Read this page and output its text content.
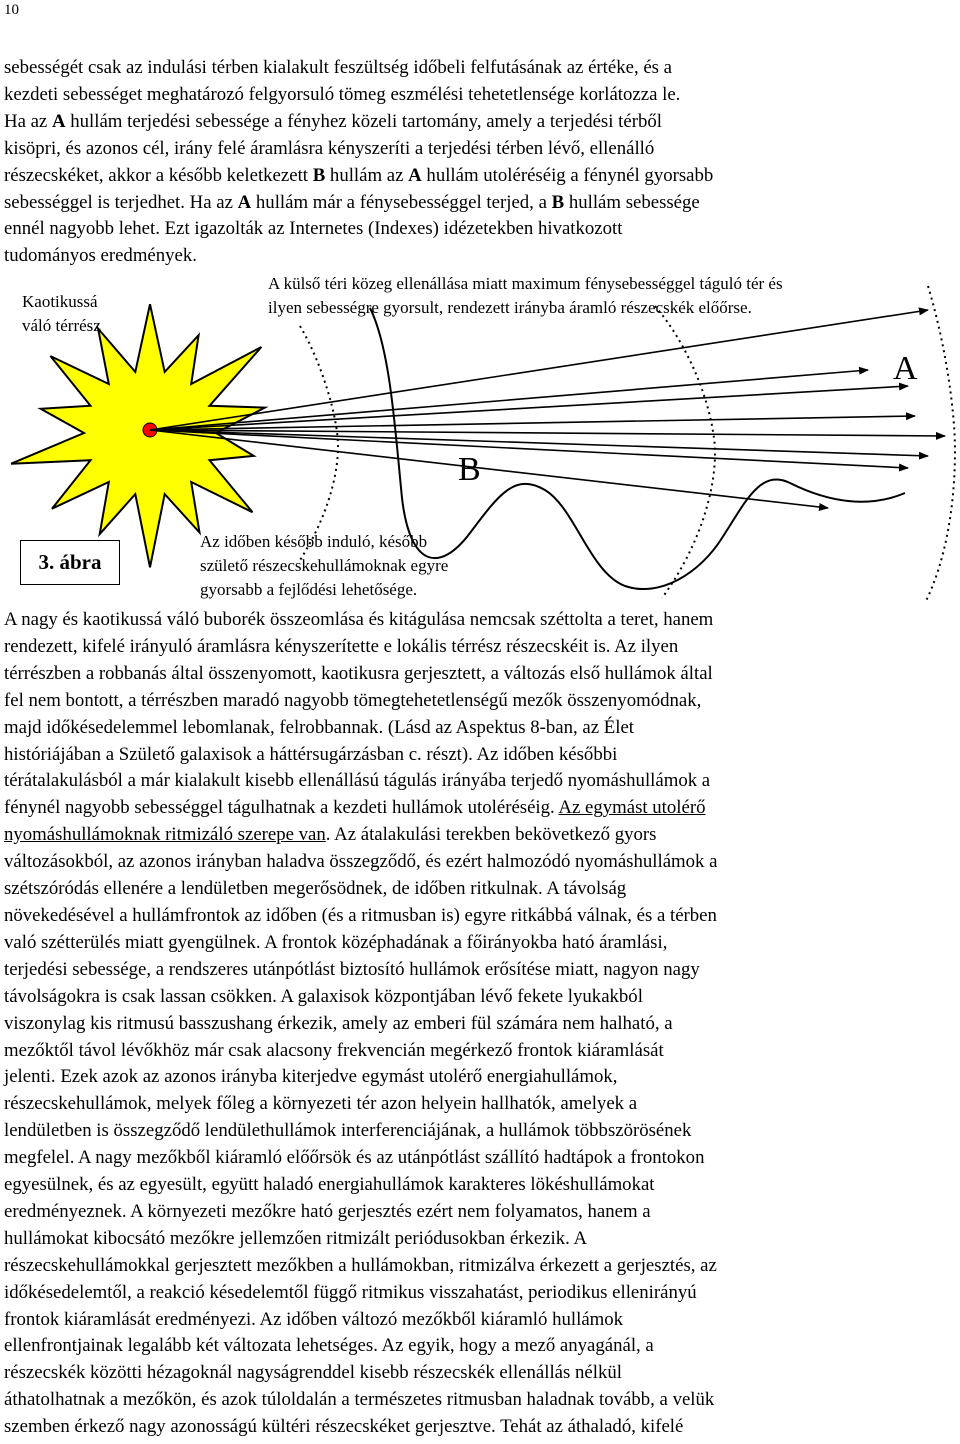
10
sebességét csak az indulási térben kialakult feszültség időbeli felfutásának az értéke, és a
kezdeti sebességet meghatározó felgyorsuló tömeg eszmélési tehetetlensége korlátozza le.
Ha az A hullám terjedési sebessége a fényhez közeli tartomány, amely a terjedési térből
kisöpri, és azonos cél, irány felé áramlásra kényszeríti a terjedési térben lévő, ellenálló
részecskéket, akkor a később keletkezett B hullám az A hullám utoléréséig a fénynél gyorsabb
sebességgel is terjedhet. Ha az A hullám már a fénysebességgel terjed, a B hullám sebessége
ennél nagyobb lehet. Ezt igazolták az Internetes (Indexes) idézetekben hivatkozott
tudományos eredmények.
Kaotikussá
váló térrész
A külső téri közeg ellenállása miatt maximum fénysebességgel táguló tér és
ilyen sebességre gyorsult, rendezett irányba áramló részecskék előőrse.
A
B
3. ábra
Az időben később induló, később
születő részecskehullámoknak egyre
gyorsabb a fejlődési lehetősége.
A nagy és kaotikussá váló buborék összeomlása és kitágulása nemcsak széttolta a teret, hanem
rendezett, kifelé irányuló áramlásra kényszerítette e lokális térrész részecskéit is. Az ilyen
térrészben a robbanás által összenyomott, kaotikusra gerjesztett, a változás első hullámok által
fel nem bontott, a térrészben maradó nagyobb tömegtehetetlenségű mezők összenyomódnak,
majd időkésedelemmel lebomlanak, felrobbannak. (Lásd az Aspektus 8-ban, az Élet
históriájában a Születő galaxisok a háttérsugárzásban c. részt). Az időben későbbi
térátalakulásból a már kialakult kisebb ellenállású tágulás irányába terjedő nyomáshullámok a
fénynél nagyobb sebességgel tágulhatnak a kezdeti hullámok utoléréséig. Az egymást utolérő
nyomáshullámoknak ritmizáló szerepe van. Az átalakulási terekben bekövetkező gyors
változásokból, az azonos irányban haladva összegződő, és ezért halmozódó nyomáshullámok a
szétszóródás ellenére a lendületben megerősödnek, de időben ritkulnak. A távolság
növekedésével a hullámfrontok az időben (és a ritmusban is) egyre ritkábbá válnak, és a térben
való szétterülés miatt gyengülnek. A frontok középhadának a főirányokba ható áramlási,
terjedési sebessége, a rendszeres utánpótlást biztosító hullámok erősítése miatt, nagyon nagy
távolságokra is csak lassan csökken. A galaxisok központjában lévő fekete lyukakból
viszonylag kis ritmusú basszushang érkezik, amely az emberi fül számára nem halható, a
mezőktől távol lévőkhöz már csak alacsony frekvencián megérkező frontok kiáramlását
jelenti. Ezek azok az azonos irányba kiterjedve egymást utolérő energiahullámok,
részecskehullámok, melyek főleg a környezeti tér azon helyein hallhatók, amelyek a
lendületben is összegződő lendülethullámok interferenciájának, a hullámok többszörösének
megfelel. A nagy mezőkből kiáramló előőrsök és az utánpótlást szállító hadtápok a frontokon
egyesülnek, és az egyesült, együtt haladó energiahullámok karakteres lökéshullámokat
eredményeznek. A környezeti mezőkre ható gerjesztés ezért nem folyamatos, hanem a
hullámokat kibocsátó mezőkre jellemzően ritmizált periódusokban érkezik. A
részecskehullámokkal gerjesztett mezőkben a hullámokban, ritmizálva érkezett a gerjesztés, az
időkésedelemtől, a reakció késedelemtől függő ritmikus visszahatást, periodikus ellenirányú
frontok kiáramlását eredményezi. Az időben változó mezőkből kiáramló hullámok
ellenfrontjainak legalább két változata lehetséges. Az egyik, hogy a mező anyagánál, a
részecskék közötti hézagoknál nagyságrenddel kisebb részecskék ellenállás nélkül
áthatolhatnak a mezőkön, és azok túloldalán a természetes ritmusban haladnak tovább, a velük
szemben érkező nagy azonosságú kültéri részecskéket gerjesztve. Tehát az áthaladó, kifelé
